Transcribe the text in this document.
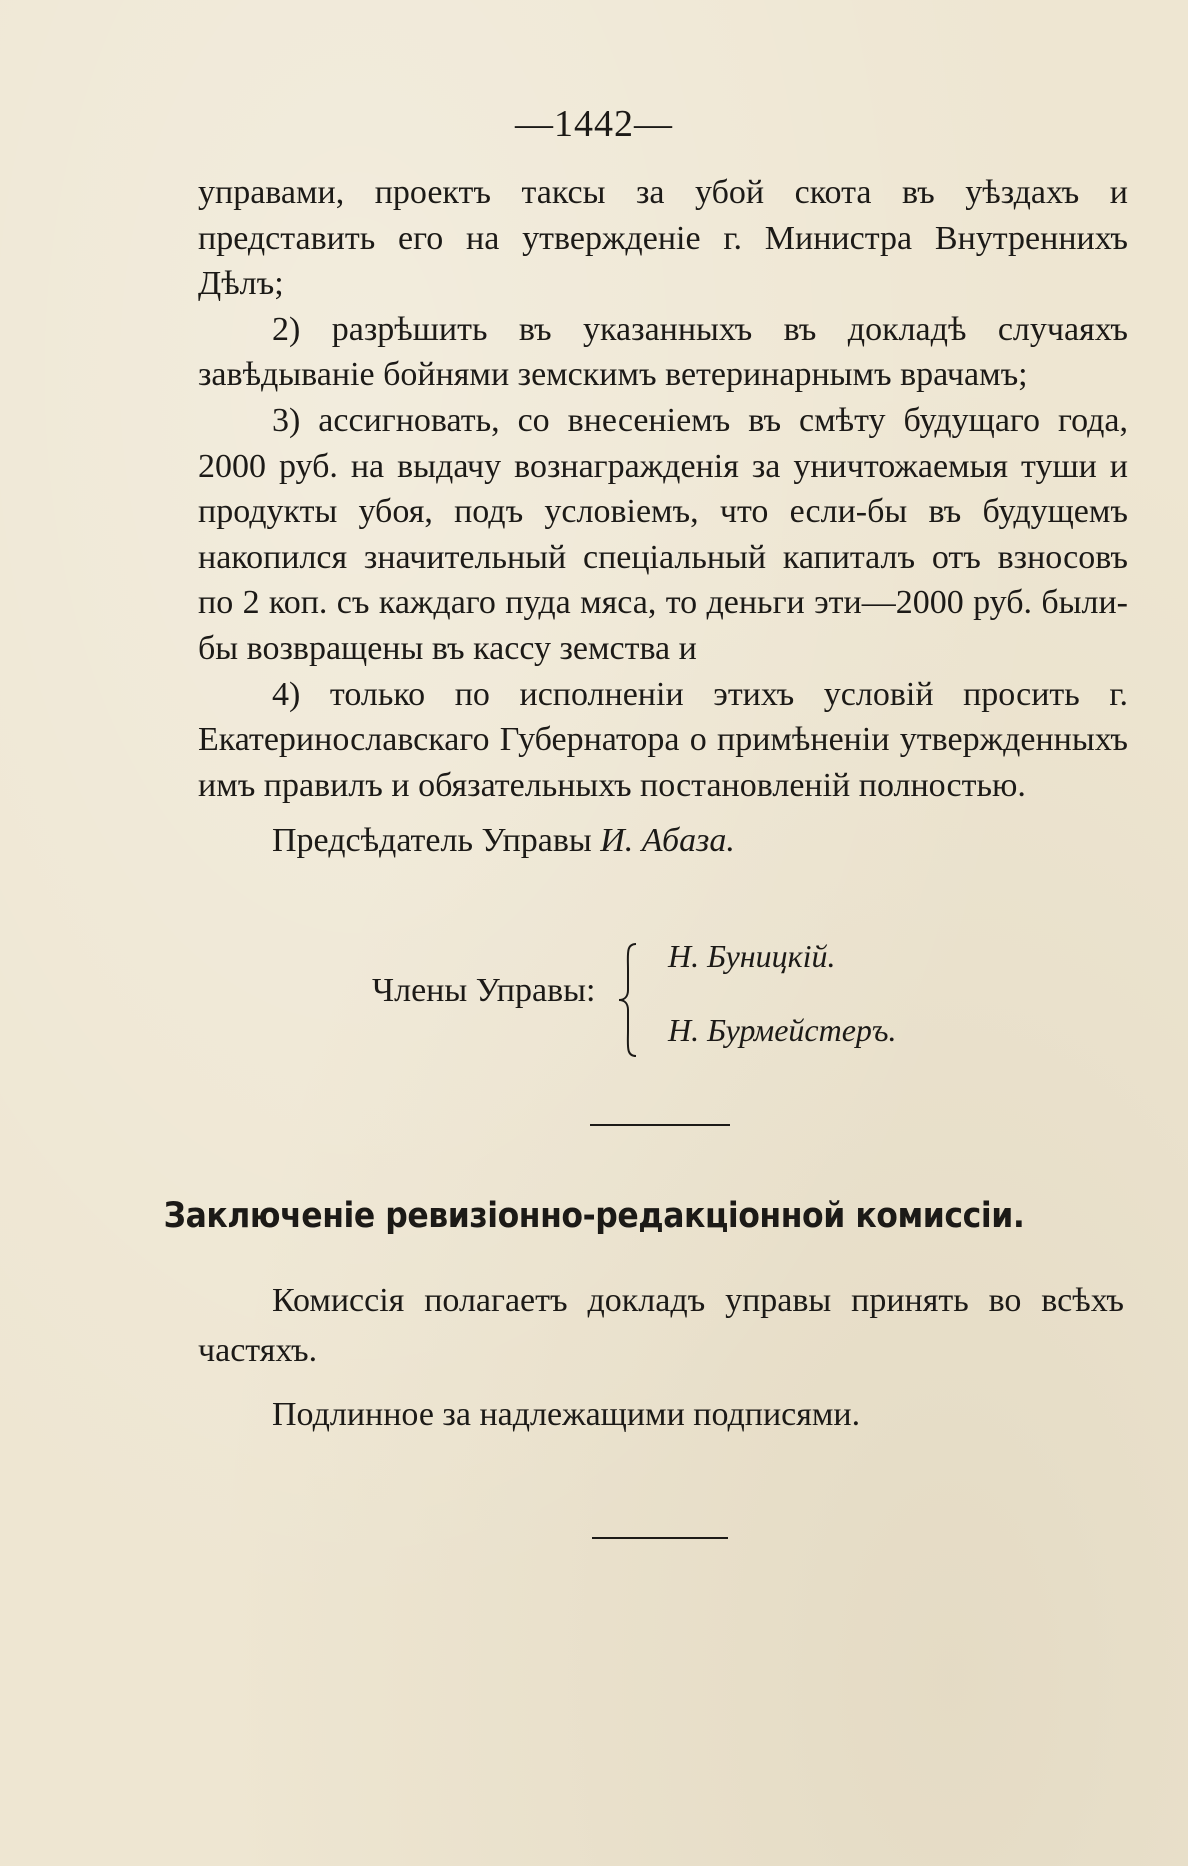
—1442—

управами, проектъ таксы за убой скота въ уѣздахъ и представить его на утвержденіе г. Министра Внутреннихъ Дѣлъ;

2) разрѣшить въ указанныхъ въ докладѣ случаяхъ завѣдываніе бойнями земскимъ ветеринарнымъ врачамъ;

3) ассигновать, со внесеніемъ въ смѣту будущаго года, 2000 руб. на выдачу вознагражденія за уничтожаемыя туши и продукты убоя, подъ условіемъ, что если-бы въ будущемъ накопился значительный спеціальный капиталъ отъ взносовъ по 2 коп. съ каждаго пуда мяса, то деньги эти—2000 руб. были-бы возвращены въ кассу земства и

4) только по исполненіи этихъ условій просить г. Екатеринославскаго Губернатора о примѣненіи утвержденныхъ имъ правилъ и обязательныхъ постановленій полностью.

Предсѣдатель Управы И. Абаза.
Члены Управы:
Н. Буницкій.
Н. Бурмейстеръ.
Заключеніе ревизіонно-редакціонной комиссіи.

Комиссія полагаетъ докладъ управы принять во всѣхъ частяхъ.

Подлинное за надлежащими подписями.
